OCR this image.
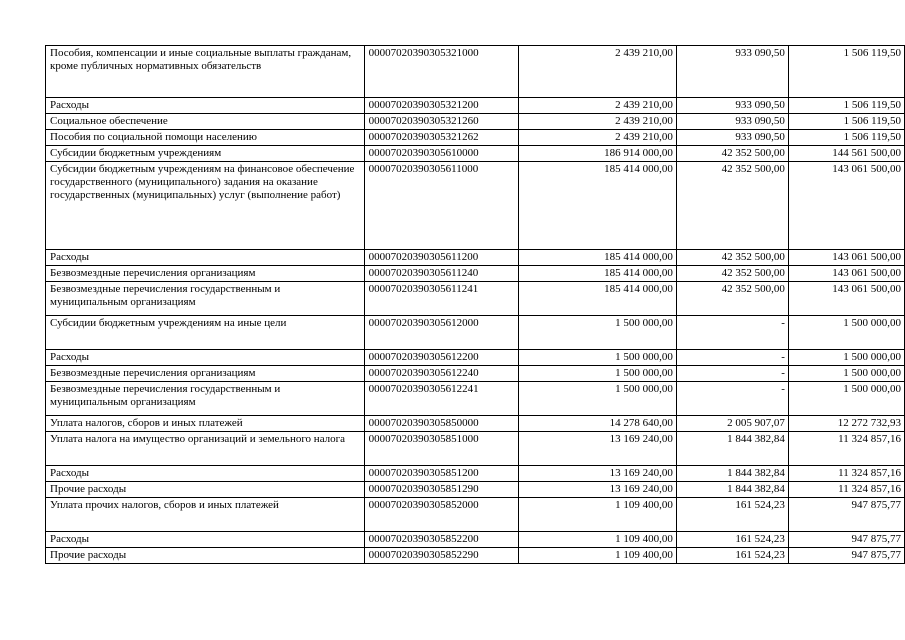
Пособия, компенсации и иные социальные выплаты гражданам, кроме публичных нормативных обязательств	00007020390305321000	2 439 210,00	933 090,50	1 506 119,50
Расходы	00007020390305321200	2 439 210,00	933 090,50	1 506 119,50
Социальное обеспечение	00007020390305321260	2 439 210,00	933 090,50	1 506 119,50
Пособия по социальной помощи населению	00007020390305321262	2 439 210,00	933 090,50	1 506 119,50
Субсидии бюджетным учреждениям	00007020390305610000	186 914 000,00	42 352 500,00	144 561 500,00
Субсидии бюджетным учреждениям на финансовое обеспечение государственного (муниципального) задания на оказание государственных (муниципальных) услуг (выполнение работ)	00007020390305611000	185 414 000,00	42 352 500,00	143 061 500,00
Расходы	00007020390305611200	185 414 000,00	42 352 500,00	143 061 500,00
Безвозмездные перечисления организациям	00007020390305611240	185 414 000,00	42 352 500,00	143 061 500,00
Безвозмездные перечисления государственным и муниципальным организациям	00007020390305611241	185 414 000,00	42 352 500,00	143 061 500,00
Субсидии бюджетным учреждениям на иные цели	00007020390305612000	1 500 000,00	-	1 500 000,00
Расходы	00007020390305612200	1 500 000,00	-	1 500 000,00
Безвозмездные перечисления организациям	00007020390305612240	1 500 000,00	-	1 500 000,00
Безвозмездные перечисления государственным и муниципальным организациям	00007020390305612241	1 500 000,00	-	1 500 000,00
Уплата налогов, сборов и иных платежей	00007020390305850000	14 278 640,00	2 005 907,07	12 272 732,93
Уплата налога на имущество организаций и земельного налога	00007020390305851000	13 169 240,00	1 844 382,84	11 324 857,16
Расходы	00007020390305851200	13 169 240,00	1 844 382,84	11 324 857,16
Прочие расходы	00007020390305851290	13 169 240,00	1 844 382,84	11 324 857,16
Уплата прочих налогов, сборов и иных платежей	00007020390305852000	1 109 400,00	161 524,23	947 875,77
Расходы	00007020390305852200	1 109 400,00	161 524,23	947 875,77
Прочие расходы	00007020390305852290	1 109 400,00	161 524,23	947 875,77
